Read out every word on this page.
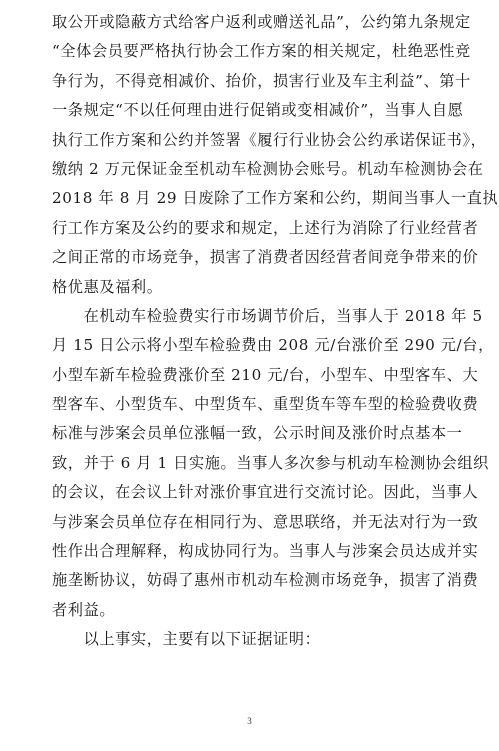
取公开或隐蔽方式给客户返利或赠送礼品”，公约第九条规定
“全体会员要严格执行协会工作方案的相关规定，杜绝恶性竞
争行为，不得竞相减价、抬价，损害行业及车主利益”、第十
一条规定“不以任何理由进行促销或变相减价”，当事人自愿
执行工作方案和公约并签署《履行行业协会公约承诺保证书》，
缴纳 2 万元保证金至机动车检测协会账号。机动车检测协会在
2018 年 8 月 29 日废除了工作方案和公约，期间当事人一直执
行工作方案及公约的要求和规定，上述行为消除了行业经营者
之间正常的市场竞争，损害了消费者因经营者间竞争带来的价
格优惠及福利。
　　在机动车检验费实行市场调节价后，当事人于 2018 年 5
月 15 日公示将小型车检验费由 208 元/台涨价至 290 元/台，
小型车新车检验费涨价至 210 元/台，小型车、中型客车、大
型客车、小型货车、中型货车、重型货车等车型的检验费收费
标准与涉案会员单位涨幅一致，公示时间及涨价时点基本一
致，并于 6 月 1 日实施。当事人多次参与机动车检测协会组织
的会议，在会议上针对涨价事宜进行交流讨论。因此，当事人
与涉案会员单位存在相同行为、意思联络，并无法对行为一致
性作出合理解释，构成协同行为。当事人与涉案会员达成并实
施垄断协议，妨碍了惠州市机动车检测市场竞争，损害了消费
者利益。
　　以上事实，主要有以下证据证明：
3
